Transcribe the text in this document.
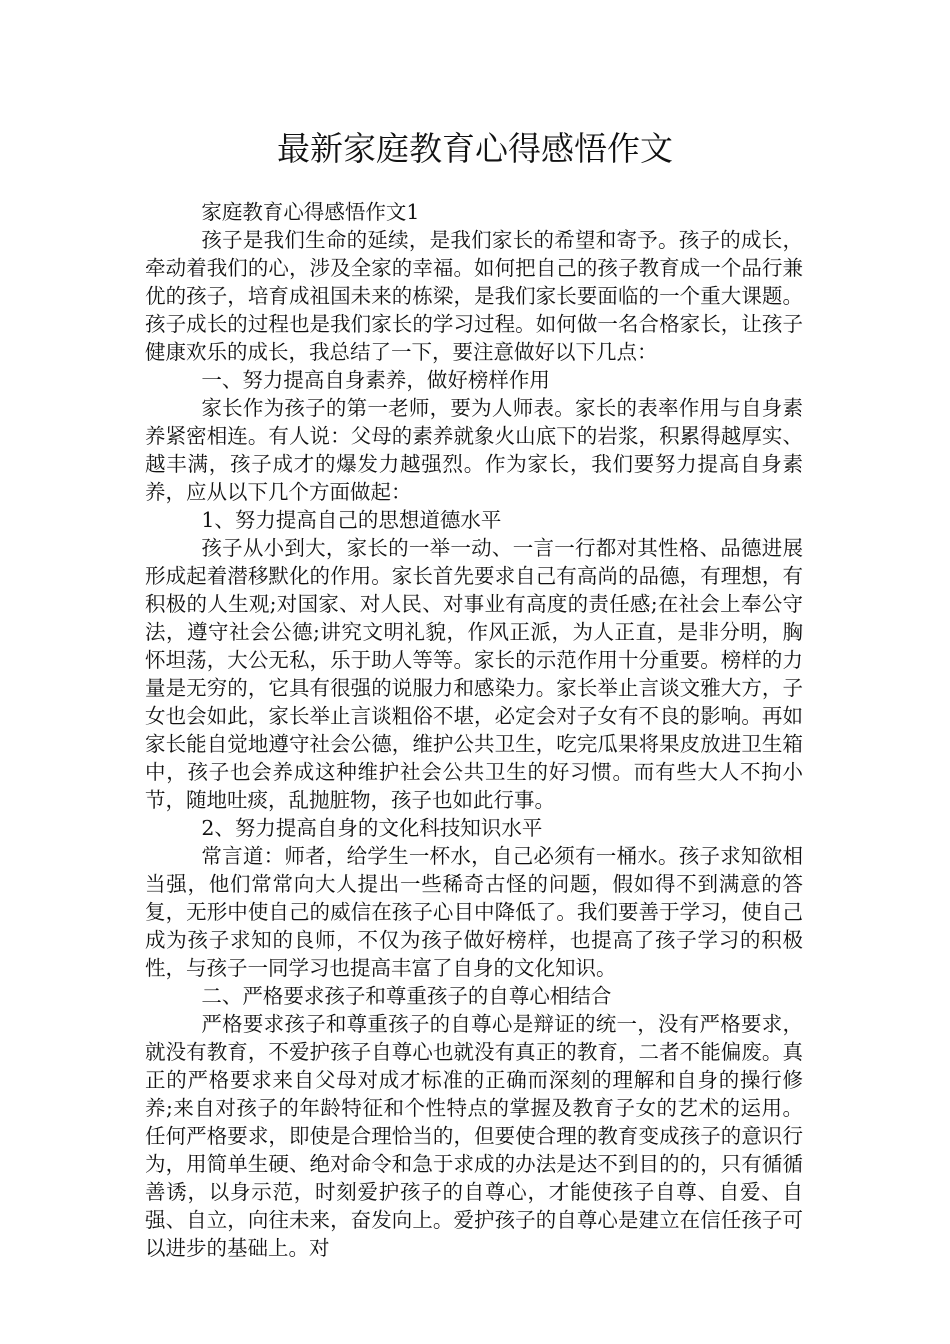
最新家庭教育心得感悟作文

家庭教育心得感悟作文1

孩子是我们生命的延续，是我们家长的希望和寄予。孩子的成长，牵动着我们的心，涉及全家的幸福。如何把自己的孩子教育成一个品行兼优的孩子，培育成祖国未来的栋梁，是我们家长要面临的一个重大课题。孩子成长的过程也是我们家长的学习过程。如何做一名合格家长，让孩子健康欢乐的成长，我总结了一下，要注意做好以下几点：

一、努力提高自身素养，做好榜样作用

家长作为孩子的第一老师，要为人师表。家长的表率作用与自身素养紧密相连。有人说：父母的素养就象火山底下的岩浆，积累得越厚实、越丰满，孩子成才的爆发力越强烈。作为家长，我们要努力提高自身素养，应从以下几个方面做起：

1、努力提高自己的思想道德水平

孩子从小到大，家长的一举一动、一言一行都对其性格、品德进展形成起着潜移默化的作用。家长首先要求自己有高尚的品德，有理想，有积极的人生观;对国家、对人民、对事业有高度的责任感;在社会上奉公守法，遵守社会公德;讲究文明礼貌，作风正派，为人正直，是非分明，胸怀坦荡，大公无私，乐于助人等等。家长的示范作用十分重要。榜样的力量是无穷的，它具有很强的说服力和感染力。家长举止言谈文雅大方，子女也会如此，家长举止言谈粗俗不堪，必定会对子女有不良的影响。再如家长能自觉地遵守社会公德，维护公共卫生，吃完瓜果将果皮放进卫生箱中，孩子也会养成这种维护社会公共卫生的好习惯。而有些大人不拘小节，随地吐痰，乱抛脏物，孩子也如此行事。

2、努力提高自身的文化科技知识水平

常言道：师者，给学生一杯水，自己必须有一桶水。孩子求知欲相当强，他们常常向大人提出一些稀奇古怪的问题，假如得不到满意的答复，无形中使自己的威信在孩子心目中降低了。我们要善于学习，使自己成为孩子求知的良师，不仅为孩子做好榜样，也提高了孩子学习的积极性，与孩子一同学习也提高丰富了自身的文化知识。

二、严格要求孩子和尊重孩子的自尊心相结合

严格要求孩子和尊重孩子的自尊心是辩证的统一，没有严格要求，就没有教育，不爱护孩子自尊心也就没有真正的教育，二者不能偏废。真正的严格要求来自父母对成才标准的正确而深刻的理解和自身的操行修养;来自对孩子的年龄特征和个性特点的掌握及教育子女的艺术的运用。任何严格要求，即使是合理恰当的，但要使合理的教育变成孩子的意识行为，用简单生硬、绝对命令和急于求成的办法是达不到目的的，只有循循善诱，以身示范，时刻爱护孩子的自尊心，才能使孩子自尊、自爱、自强、自立，向往未来，奋发向上。爱护孩子的自尊心是建立在信任孩子可以进步的基础上。对
